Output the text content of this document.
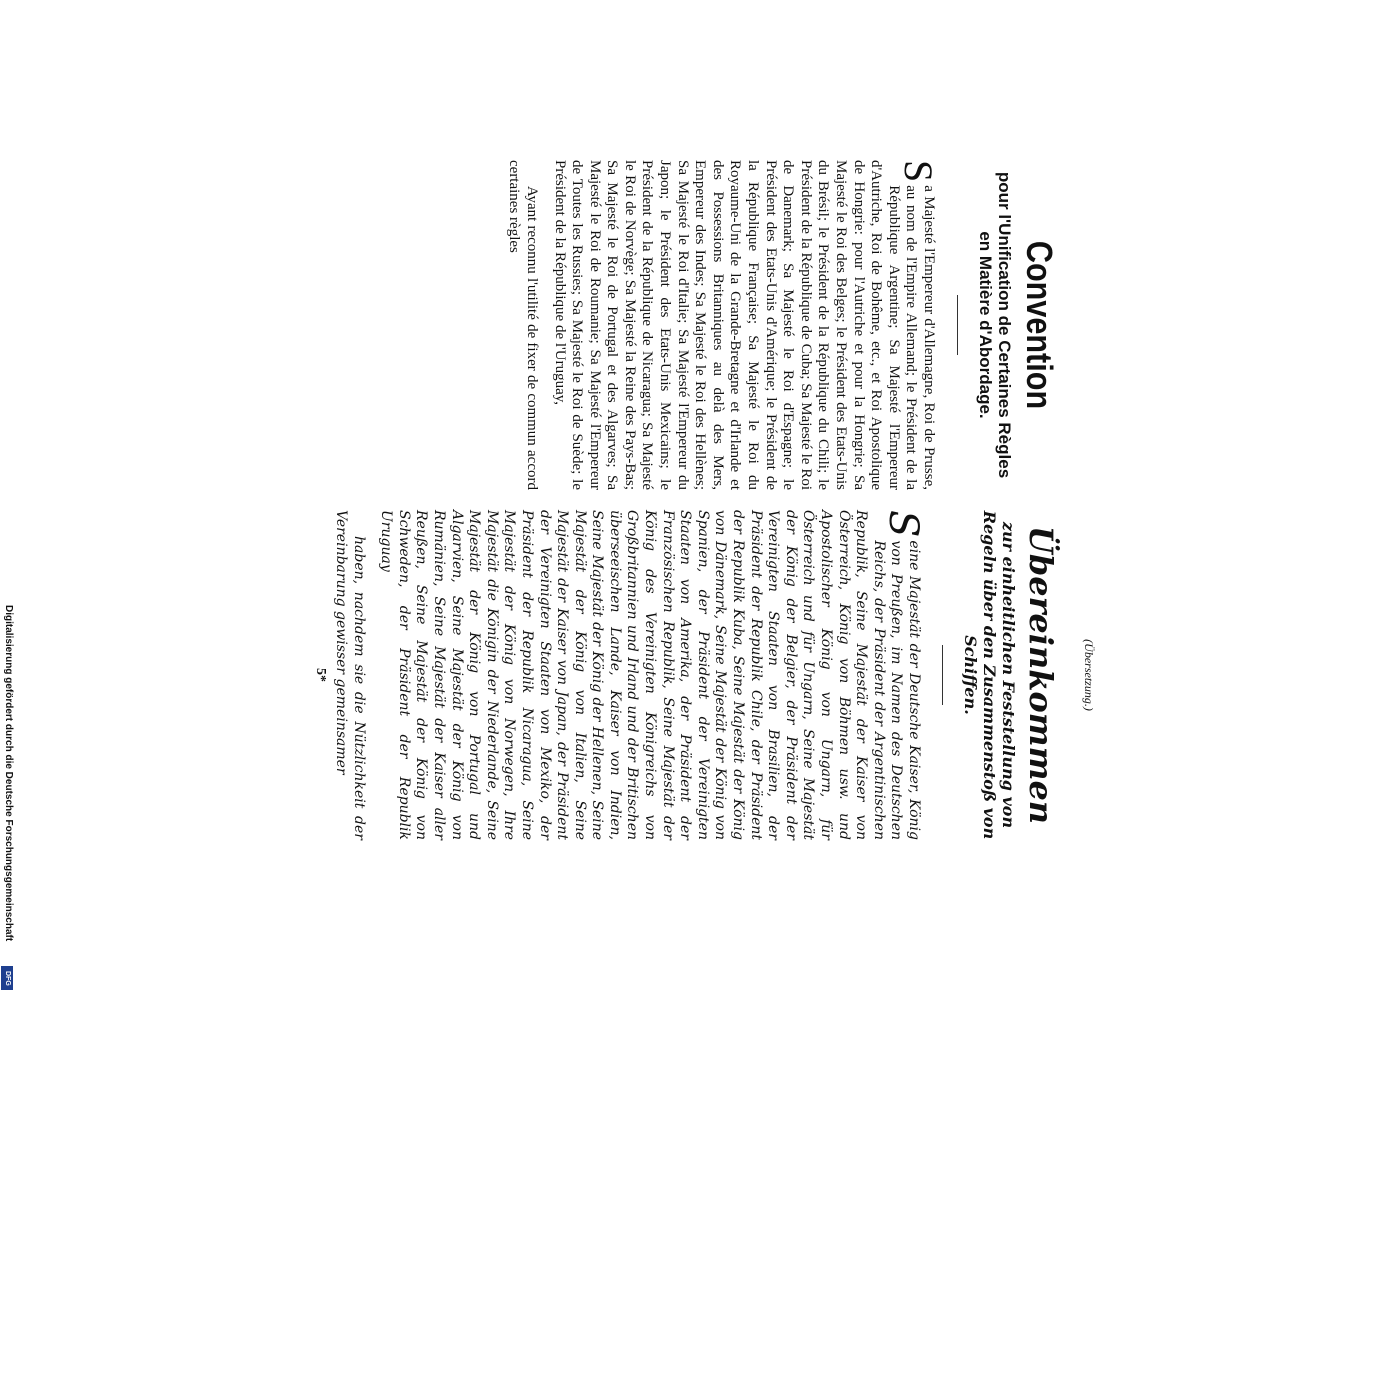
Digitalisierung gefördert durch die Deutsche Forschungsgemeinschaft
DFG
(Übersetzung.)
Convention
pour l'Unification de Certaines Règles en Matière d'Abordage.

S
a Majesté l'Empereur d'Allemagne, Roi de Prusse, au nom de l'Empire Allemand; le Président de la République Argentine; Sa Majesté l'Empereur d'Autriche, Roi de Bohême, etc., et Roi Apostolique de Hongrie: pour l'Autriche et pour la Hongrie; Sa Majesté le Roi des Belges; le Président des Etats-Unis du Brésil; le Président de la République du Chili; le Président de la République de Cuba; Sa Majesté le Roi de Danemark; Sa Majesté le Roi d'Espagne; le Président des Etats-Unis d'Amérique; le Président de la République Française; Sa Majesté le Roi du Royaume-Uni de la Grande-Bretagne et d'Irlande et des Possessions Britanniques au delà des Mers, Empereur des Indes; Sa Majesté le Roi des Hellènes; Sa Majesté le Roi d'Italie; Sa Majesté l'Empereur du Japon; le Président des Etats-Unis Mexicains; le Président de la République de Nicaragua; Sa Majesté le Roi de Norvège; Sa Majesté la Reine des Pays-Bas; Sa Majesté le Roi de Portugal et des Algarves; Sa Majesté le Roi de Roumanie; Sa Majesté l'Empereur de Toutes les Russies; Sa Majesté le Roi de Suède; le Président de la République de l'Uruguay,

Ayant reconnu l'utilité de fixer de commun accord certaines règles

Übereinkommen
zur einheitlichen Feststellung von Regeln über den Zusammenstoß von Schiffen.

S
eine Majestät der Deutsche Kaiser, König von Preußen, im Namen des Deutschen Reichs, der Präsident der Argentinischen Republik, Seine Majestät der Kaiser von Österreich, König von Böhmen usw. und Apostolischer König von Ungarn, für Österreich und für Ungarn, Seine Majestät der König der Belgier, der Präsident der Vereinigten Staaten von Brasilien, der Präsident der Republik Chile, der Präsident der Republik Kuba, Seine Majestät der König von Dänemark, Seine Majestät der König von Spanien, der Präsident der Vereinigten Staaten von Amerika, der Präsident der Französischen Republik, Seine Majestät der König des Vereinigten Königreichs von Großbritannien und Irland und der Britischen überseeischen Lande, Kaiser von Indien, Seine Majestät der König der Hellenen, Seine Majestät der König von Italien, Seine Majestät der Kaiser von Japan, der Präsident der Vereinigten Staaten von Mexiko, der Präsident der Republik Nicaragua, Seine Majestät der König von Norwegen, Ihre Majestät die Königin der Niederlande, Seine Majestät der König von Portugal und Algarvien, Seine Majestät der König von Rumänien, Seine Majestät der Kaiser aller Reußen, Seine Majestät der König von Schweden, der Präsident der Republik Uruguay

haben, nachdem sie die Nützlichkeit der Vereinbarung gewisser gemeinsamer

5*
